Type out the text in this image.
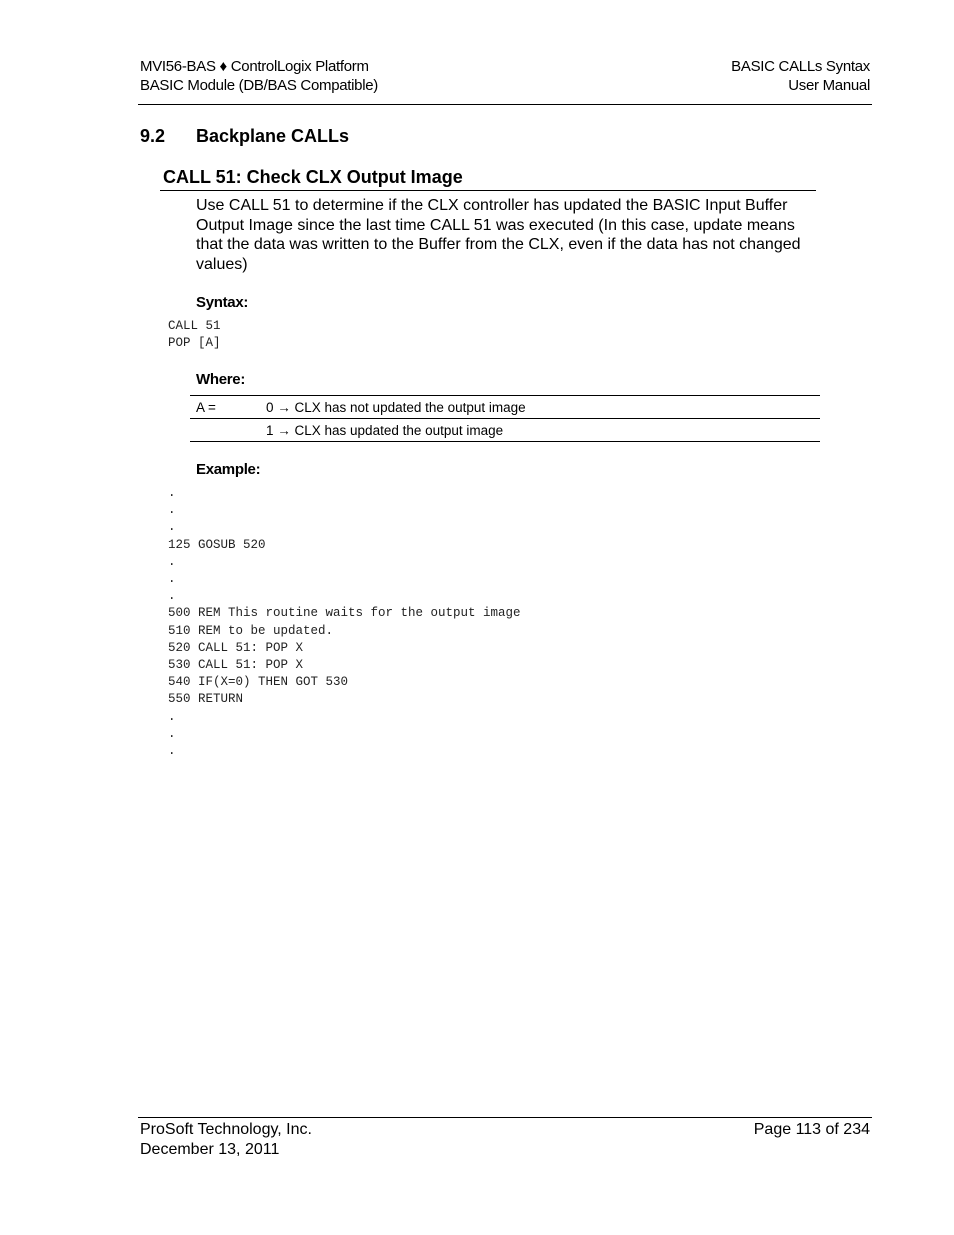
MVI56-BAS ♦ ControlLogix Platform
BASIC Module (DB/BAS Compatible)
BASIC CALLs Syntax
User Manual
9.2 Backplane CALLs
CALL 51: Check CLX Output Image
Use CALL 51 to determine if the CLX controller has updated the BASIC Input Buffer Output Image since the last time CALL 51 was executed (In this case, update means that the data was written to the Buffer from the CLX, even if the data has not changed values)
Syntax:
CALL 51
POP [A]
Where:
A =	0 → CLX has not updated the output image
	1 → CLX has updated the output image
Example:
.
.
.
125 GOSUB 520
.
.
.
500 REM This routine waits for the output image
510 REM to be updated.
520 CALL 51: POP X
530 CALL 51: POP X
540 IF(X=0) THEN GOT 530
550 RETURN
.
.
.
ProSoft Technology, Inc.
December 13, 2011
Page 113 of 234
